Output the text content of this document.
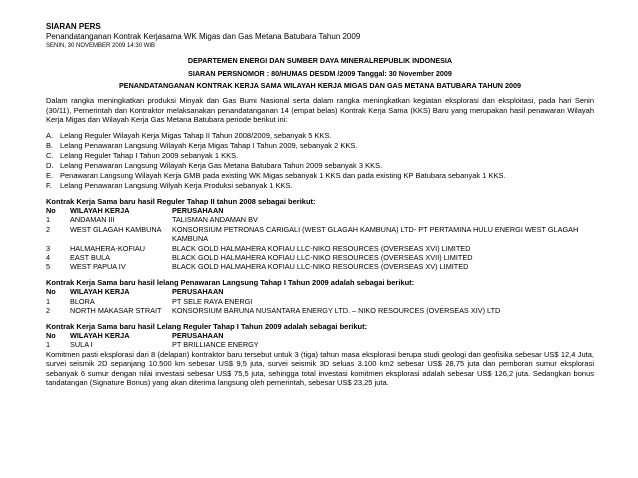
SIARAN PERS
Penandatanganan Kontrak Kerjasama WK Migas dan Gas Metana Batubara Tahun 2009
SENIN, 30 NOVEMBER 2009 14:30 WIB
DEPARTEMEN ENERGI DAN SUMBER DAYA MINERALREPUBLIK INDONESIA
SIARAN PERSNOMOR : 80/HUMAS DESDM /2009 Tanggal: 30 November 2009
PENANDATANGANAN KONTRAK KERJA SAMA WILAYAH KERJA MIGAS DAN GAS METANA BATUBARA TAHUN 2009
Dalam rangka meningkatkan produksi Minyak dan Gas Bumi Nasional serta dalam rangka meningkatkan kegiatan eksplorasi dan eksploitasi, pada hari Senin (30/11), Pemerintah dan Kontraktor melaksanakan penandatanganan 14 (empat belas) Kontrak Kerja Sama (KKS) Baru yang merupakan hasil penawaran Wilayah Kerja Migas dan Wilayah Kerja Gas Metana Batubara periode berikut ini:
A. Lelang Reguler Wilayah Kerja Migas Tahap II Tahun 2008/2009, sebanyak 5 KKS.
B. Lelang Penawaran Langsung Wilayah Kerja Migas Tahap I Tahun 2009, sebanyak 2 KKS.
C. Lelang Reguler Tahap I Tahun 2009 sebanyak 1 KKS.
D. Lelang Penawaran Langsung Wilayah Kerja Gas Metana Batubara Tahun 2009 sebanyak 3 KKS.
E. Penawaran Langsung Wilayah Kerja GMB pada existing WK Migas sebanyak 1 KKS dan pada existing KP Batubara sebanyak 1 KKS.
F.	Lelang Penawaran Langsung Wilyah Kerja Produksi sebanyak 1 KKS.
Kontrak Kerja Sama baru hasil Reguler Tahap II tahun 2008 sebagai berikut:
No	WILAYAH KERJA	PERUSAHAAN
1	ANDAMAN III	TALISMAN ANDAMAN BV
2	WEST GLAGAH KAMBUNA	KONSORSIUM PETRONAS CARIGALI (WEST GLAGAH KAMBUNA) LTD- PT PERTAMINA HULU ENERGI WEST GLAGAH KAMBUNA
3	HALMAHERA-KOFIAU	BLACK GOLD HALMAHERA KOFIAU LLC-NIKO RESOURCES (OVERSEAS XVI) LIMITED
4	EAST BULA	BLACK GOLD HALMAHERA KOFIAU LLC-NIKO RESOURCES (OVERSEAS XVII) LIMITED
5	WEST PAPUA IV	BLACK GOLD HALMAHERA KOFIAU LLC-NIKO RESOURCES (OVERSEAS XV) LIMITED
Kontrak Kerja Sama baru hasil lelang Penawaran Langsung Tahap I Tahun 2009 adalah sebagai berikut:
No	WILAYAH KERJA	PERUSAHAAN
1	BLORA	PT SELE RAYA ENERGI
2	NORTH MAKASAR STRAIT	KONSORSIUM BARUNA NUSANTARA ENERGY LTD. – NIKO RESOURCES (OVERSEAS XIV) LTD
Kontrak Kerja Sama baru hasil Lelang Reguler Tahap I Tahun 2009 adalah sebagai berikut:
No	WILAYAH KERJA	PERUSAHAAN
1	SULA I	PT BRILLIANCE ENERGY
Komitmen pasti eksplorasi dari 8 (delapan) kontraktor baru tersebut untuk 3 (tiga) tahun masa eksplorasi berupa studi geologi dan geofisika sebesar US$ 12,4 Juta, survei seismik 2D sepanjang 10.500 km sebesar US$ 9,5 juta, survei seismik 3D seluas 3.100 km2 sebesar US$ 28,75 juta dan pemboran sumur eksplorasi sebanyak 6 sumur dengan nilai investasi sebesar US$ 75,5 juta, sehingga total investasi komitmen eksplorasi adalah sebesar US$ 126,2 juta. Sedangkan bonus tandatangan (Signature Bonus) yang akan diterima langsung oleh pemerintah, sebesar US$ 23,25 juta.
